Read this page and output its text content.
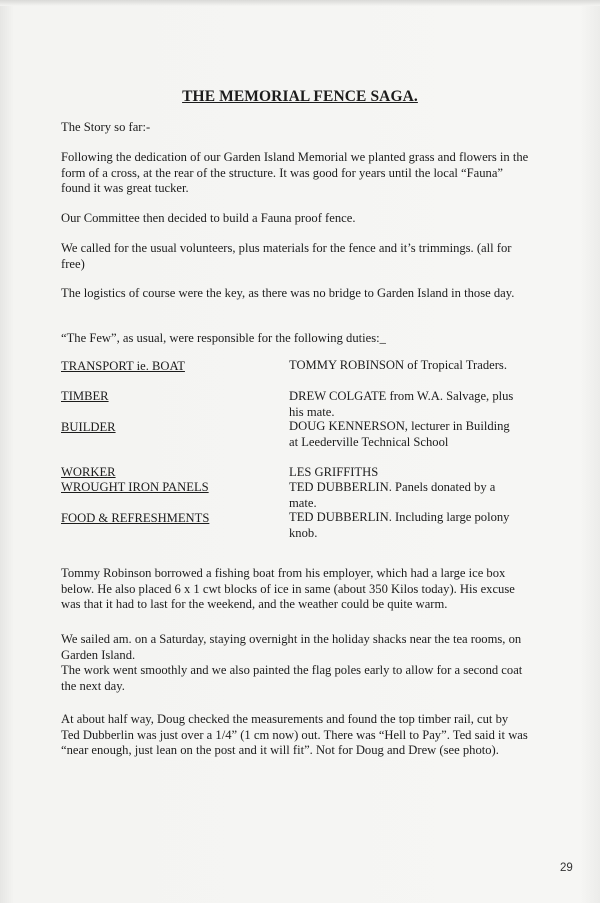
THE MEMORIAL FENCE SAGA.

The Story so far:-

Following the dedication of our Garden Island Memorial we planted grass and flowers in the form of a cross, at the rear of the structure. It was good for years until the local “Fauna” found it was great tucker.

Our Committee then decided to build a Fauna proof fence.

We called for the usual volunteers, plus materials for the fence and it’s trimmings. (all for free)

The logistics of course were the key, as there was no bridge to Garden Island in those day.

“The Few”, as usual, were responsible for the following duties:_

TRANSPORT ie. BOAT	TOMMY ROBINSON of Tropical Traders.

TIMBER	DREW COLGATE from W.A. Salvage, plus his mate.

BUILDER	DOUG KENNERSON, lecturer in Building at Leederville Technical School

WORKER	LES GRIFFITHS

WROUGHT IRON PANELS	TED DUBBERLIN. Panels donated by a mate.

FOOD & REFRESHMENTS	TED DUBBERLIN. Including large polony knob.

Tommy Robinson borrowed a fishing boat from his employer, which had a large ice box below. He also placed 6 x 1 cwt blocks of ice in same (about 350 Kilos today). His excuse was that it had to last for the weekend, and the weather could be quite warm.

We sailed am. on a Saturday, staying overnight in the holiday shacks near the tea rooms, on Garden Island.
The work went smoothly and we also painted the flag poles early to allow for a second coat the next day.

At about half way, Doug checked the measurements and found the top timber rail, cut by Ted Dubberlin was just over a 1/4” (1 cm now) out. There was “Hell to Pay”. Ted said it was “near enough, just lean on the post and it will fit”. Not for Doug and Drew (see photo).

29
